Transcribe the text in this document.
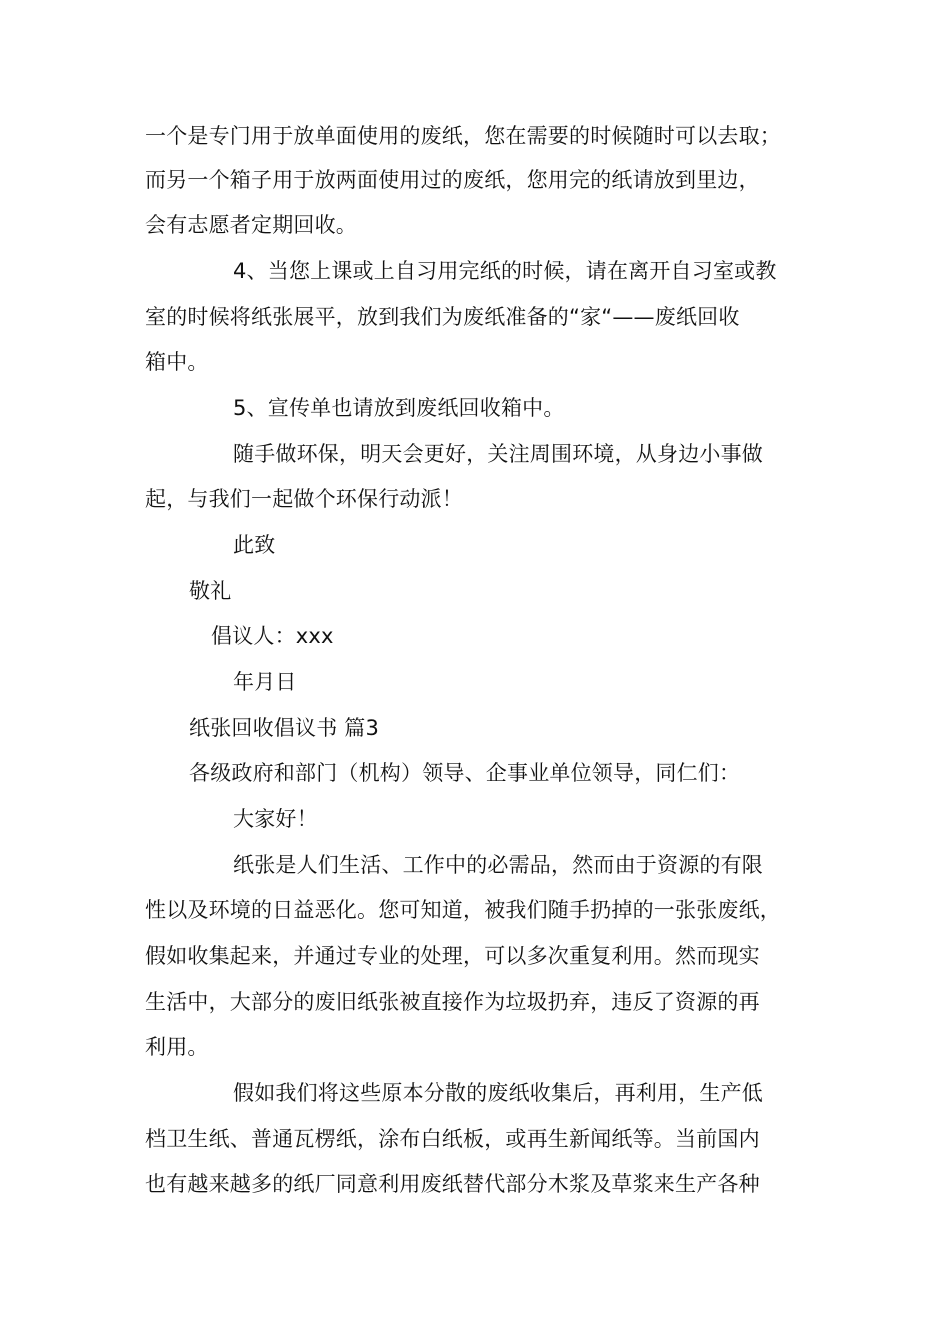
一个是专门用于放单面使用的废纸，您在需要的时候随时可以去取；
而另一个箱子用于放两面使用过的废纸，您用完的纸请放到里边，
会有志愿者定期回收。
4、当您上课或上自习用完纸的时候，请在离开自习室或教
室的时候将纸张展平，放到我们为废纸准备的“家“——废纸回收
箱中。
5、宣传单也请放到废纸回收箱中。
随手做环保，明天会更好，关注周围环境，从身边小事做
起，与我们一起做个环保行动派！
此致
敬礼
倡议人：xxx
年月日
纸张回收倡议书 篇3
各级政府和部门（机构）领导、企事业单位领导，同仁们：
大家好！
纸张是人们生活、工作中的必需品，然而由于资源的有限
性以及环境的日益恶化。您可知道，被我们随手扔掉的一张张废纸，
假如收集起来，并通过专业的处理，可以多次重复利用。然而现实
生活中，大部分的废旧纸张被直接作为垃圾扔弃，违反了资源的再
利用。
假如我们将这些原本分散的废纸收集后，再利用，生产低
档卫生纸、普通瓦楞纸，涂布白纸板，或再生新闻纸等。当前国内
也有越来越多的纸厂同意利用废纸替代部分木浆及草浆来生产各种
